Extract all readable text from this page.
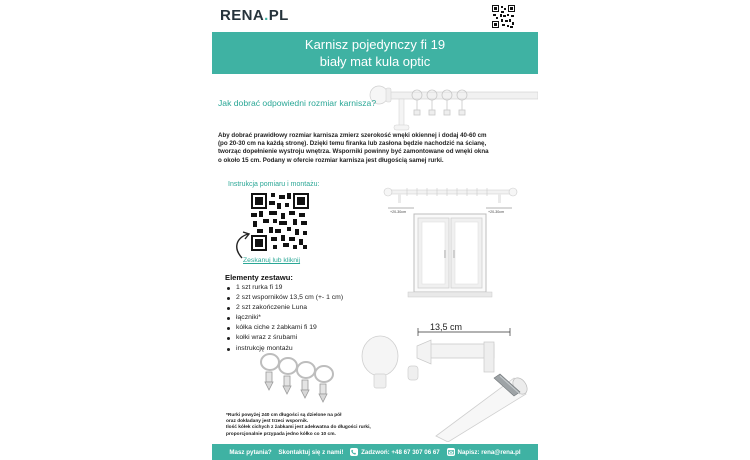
RENA.PL
Karnisz pojedynczy fi 19
biały mat kula optic
Jak dobrać odpowiedni rozmiar karnisza?
Aby dobrać prawidłowy rozmiar karnisza zmierz szerokość wnęki okiennej i dodaj 40-60 cm
(po 20-30 cm na każdą stronę). Dzięki temu firanka lub zasłona będzie nachodzić na ścianę,
tworząc dopełnienie wystroju wnętrza. Wsporniki powinny być zamontowane od wnęki okna
o około 15 cm. Podany w ofercie rozmiar karnisza jest długością samej rurki.
Instrukcja pomiaru i montażu:
Zeskanuj lub kliknij
Elementy zestawu:
1 szt rurka fi 19
2 szt wsporników 13,5 cm (+- 1 cm)
2 szt zakończenie Luna
łączniki*
kółka ciche z żabkami fi 19
kołki wraz z śrubami
instrukcję montażu
+20-30cm	+20-30cm
13,5 cm
*Rurki powyżej 240 cm długości są dzielone na pół
oraz dokładany jest trzeci wspornik.
Ilość kółek cichych z żabkami jest adekwatna do długości rurki,
proporcjonalnie przypada jedno kółko co 10 cm.
Masz pytania? Skontaktuj się z nami!	Zadzwoń: +48 67 307 06 67	Napisz: rena@rena.pl
